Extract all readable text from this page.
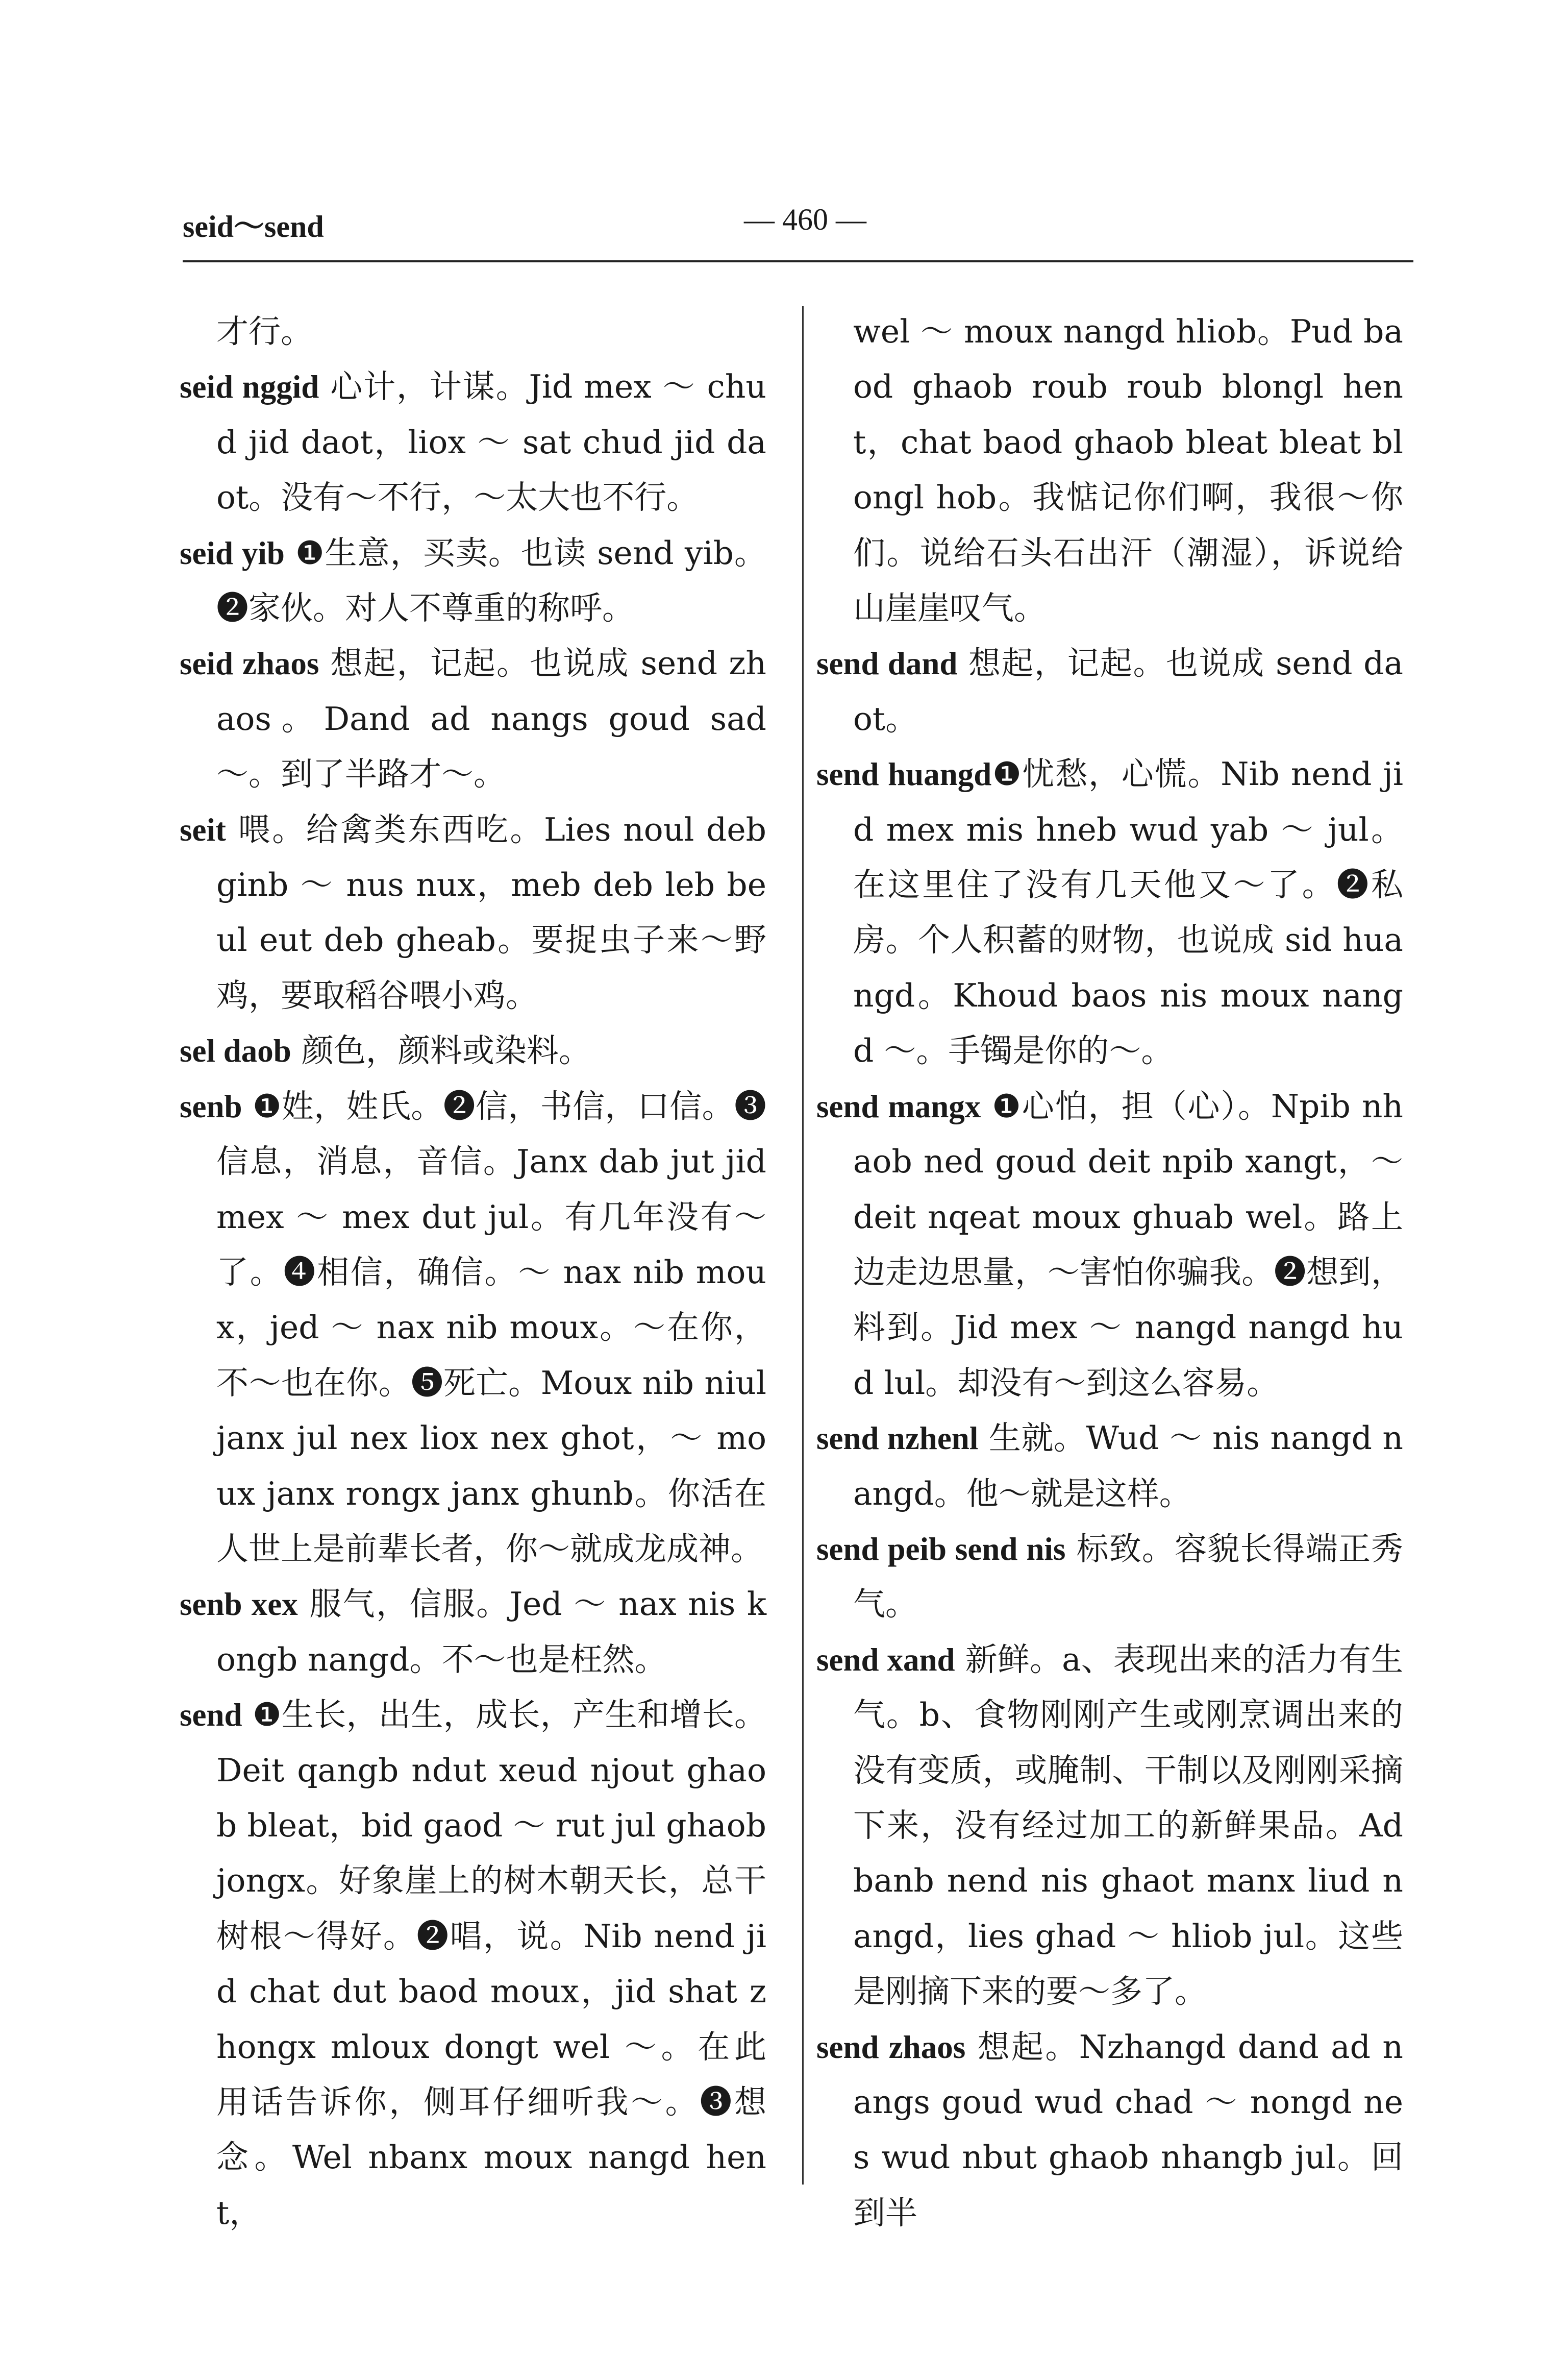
seid～send	— 460 —
才行。
seid nggid 心计，计谋。Jid mex ～ chud jid daot，liox ～ sat chud jid daot。没有～不行，～太大也不行。
seid yib ❶生意，买卖。也读 send yib。❷家伙。对人不尊重的称呼。
seid zhaos 想起，记起。也说成 send zhaos。Dand ad nangs goud sad ～。到了半路才～。
seit 喂。给禽类东西吃。Lies noul deb ginb ～ nus nux，meb deb leb beul eut deb gheab。要捉虫子来～野鸡，要取稻谷喂小鸡。
sel daob 颜色，颜料或染料。
senb ❶姓，姓氏。❷信，书信，口信。❸信息，消息，音信。Janx dab jut jid mex ～ mex dut jul。有几年没有～了。❹相信，确信。～ nax nib moux，jed ～ nax nib moux。～在你，不～也在你。❺死亡。Moux nib niul janx jul nex liox nex ghot，～ moux janx rongx janx ghunb。你活在人世上是前辈长者，你～就成龙成神。
senb xex 服气，信服。Jed ～ nax nis kongb nangd。不～也是枉然。
send ❶生长，出生，成长，产生和增长。Deit qangb ndut xeud njout ghaob bleat，bid gaod ～ rut jul ghaob jongx。好象崖上的树木朝天长，总干树根～得好。❷唱，说。Nib nend jid chat dut baod moux，jid shat zhongx mloux dongt wel ～。在此用话告诉你，侧耳仔细听我～。❸想念。Wel nbanx moux nangd hent，
wel ～ moux nangd hliob。Pud baod ghaob roub roub blongl hent，chat baod ghaob bleat bleat blongl hob。我惦记你们啊，我很～你们。说给石头石出汗（潮湿），诉说给山崖崖叹气。
send dand 想起，记起。也说成 send daot。
send huangd❶忧愁，心慌。Nib nend jid mex mis hneb wud yab ～ jul。在这里住了没有几天他又～了。❷私房。个人积蓄的财物，也说成 sid huangd。Khoud baos nis moux nangd ～。手镯是你的～。
send mangx ❶心怕，担（心）。Npib nhaob ned goud deit npib xangt，～ deit nqeat moux ghuab wel。路上边走边思量，～害怕你骗我。❷想到，料到。Jid mex ～ nangd nangd hud lul。却没有～到这么容易。
send nzhenl 生就。Wud ～ nis nangd nangd。他～就是这样。
send peib send nis 标致。容貌长得端正秀气。
send xand 新鲜。a、表现出来的活力有生气。b、食物刚刚产生或刚烹调出来的没有变质，或腌制、干制以及刚刚采摘下来，没有经过加工的新鲜果品。Ad banb nend nis ghaot manx liud nangd，lies ghad ～ hliob jul。这些是刚摘下来的要～多了。
send zhaos 想起。Nzhangd dand ad nangs goud wud chad ～ nongd nes wud nbut ghaob nhangb jul。回到半
